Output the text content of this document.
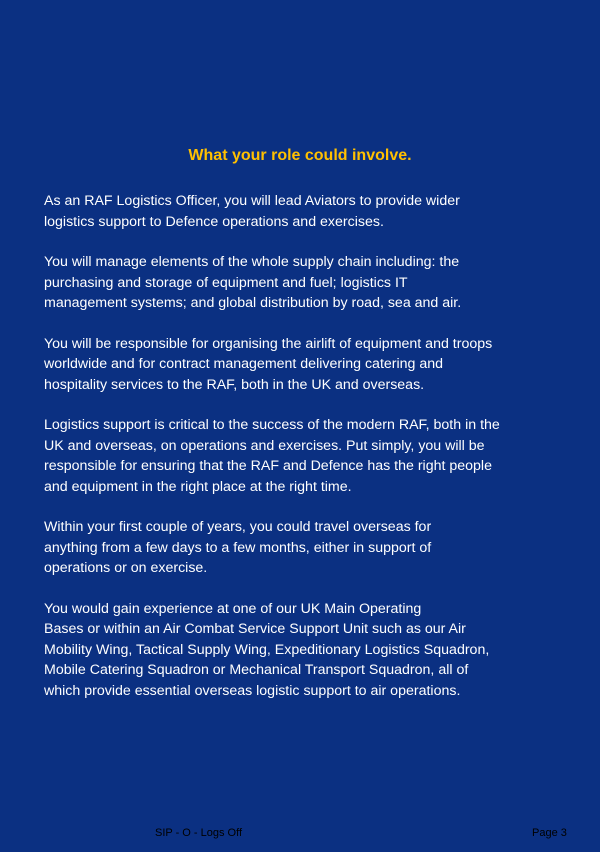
What your role could involve.

As an RAF Logistics Officer, you will lead Aviators to provide wider
logistics support to Defence operations and exercises.

You will manage elements of the whole supply chain including: the
purchasing and storage of equipment and fuel; logistics IT
management systems; and global distribution by road, sea and air.

You will be responsible for organising the airlift of equipment and troops
worldwide and for contract management delivering catering and
hospitality services to the RAF, both in the UK and overseas.

Logistics support is critical to the success of the modern RAF, both in the
UK and overseas, on operations and exercises. Put simply, you will be
responsible for ensuring that the RAF and Defence has the right people
and equipment in the right place at the right time.

Within your first couple of years, you could travel overseas for
anything from a few days to a few months, either in support of
operations or on exercise.

You would gain experience at one of our UK Main Operating
Bases or within an Air Combat Service Support Unit such as our Air
Mobility Wing, Tactical Supply Wing, Expeditionary Logistics Squadron,
Mobile Catering Squadron or Mechanical Transport Squadron, all of
which provide essential overseas logistic support to air operations.

SIP - O - Logs Off	Page 3
